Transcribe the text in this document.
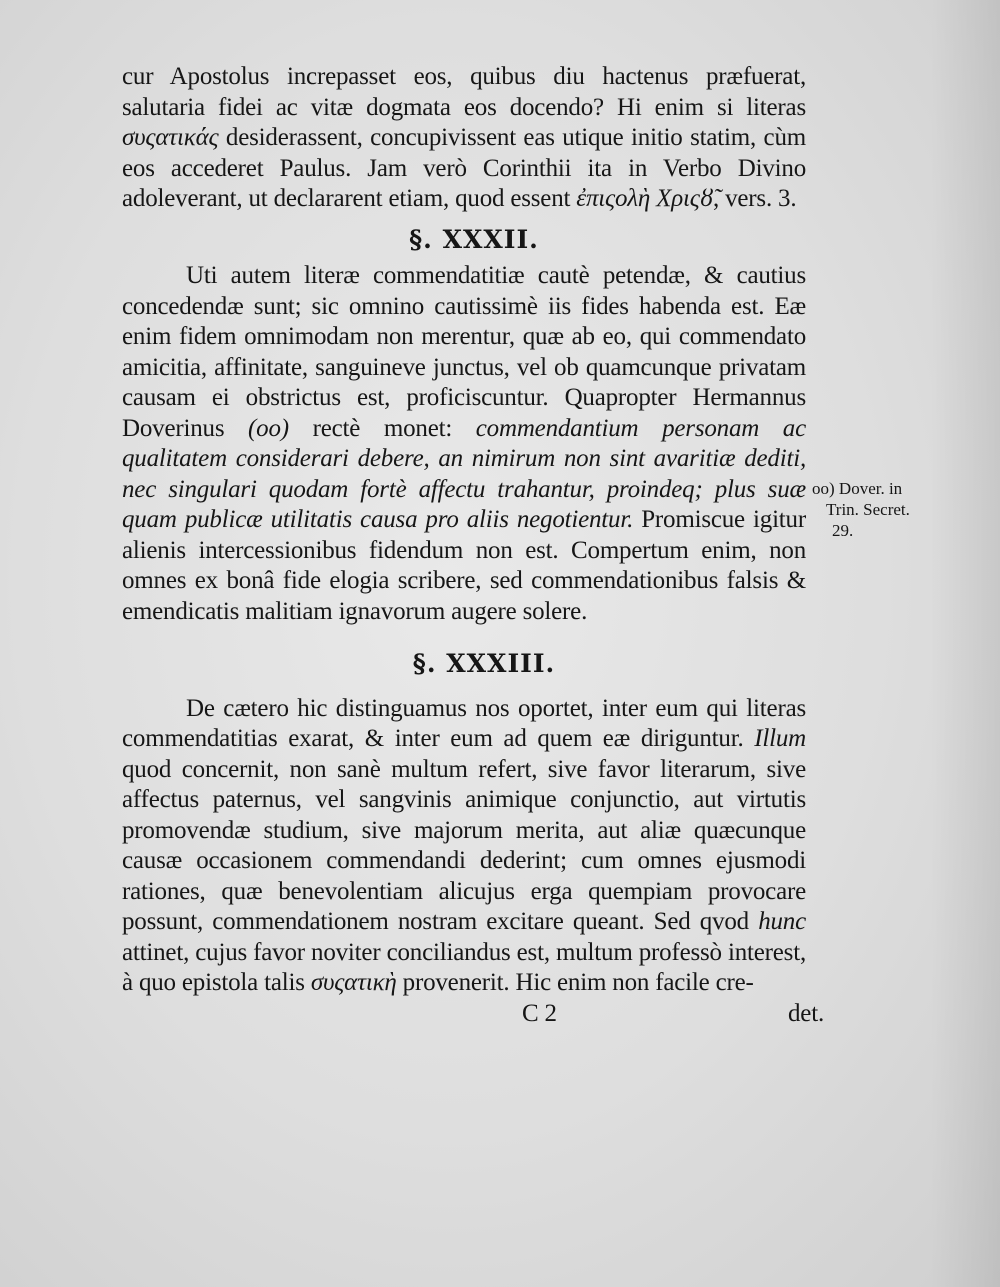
cur Apostolus increpasset eos, quibus diu hactenus præfuerat, salutaria fidei ac vitæ dogmata eos docendo? Hi enim si literas συςατικάς desiderassent, concupivissent eas utique initio statim, cùm eos accederet Paulus. Jam verò Corinthii ita in Verbo Divino adoleverant, ut declararent etiam, quod essent ἐπιςολὴ Χριςȣ̃, vers. 3.

§. XXXII.

Uti autem literæ commendatitiæ cautè petendæ, & cautius concedendæ sunt; sic omnino cautissimè iis fides habenda est. Eæ enim fidem omnimodam non merentur, quæ ab eo, qui commendato amicitia, affinitate, sanguineve junctus, vel ob quamcunque privatam causam ei obstrictus est, proficiscuntur. Quapropter Hermannus Doverinus (oo) rectè monet: commendantium personam ac qualitatem considerari debere, an nimirum non sint avaritiæ dediti, nec singulari quodam fortè affectu trahantur, proindeq; plus suæ quam publicæ utilitatis causa pro aliis negotientur. Promiscue igitur alienis intercessionibus fidendum non est. Compertum enim, non omnes ex bonâ fide elogia scribere, sed commendationibus falsis & emendicatis malitiam ignavorum augere solere.

§. XXXIII.

De cætero hic distinguamus nos oportet, inter eum qui literas commendatitias exarat, & inter eum ad quem eæ diriguntur. Illum quod concernit, non sanè multum refert, sive favor literarum, sive affectus paternus, vel sangvinis animique conjunctio, aut virtutis promovendæ studium, sive majorum merita, aut aliæ quæcunque causæ occasionem commendandi dederint; cum omnes ejusmodi rationes, quæ benevolentiam alicujus erga quempiam provocare possunt, commendationem nostram excitare queant. Sed qvod hunc attinet, cujus favor noviter conciliandus est, multum professò interest, à quo epistola talis συςατικὴ provenerit. Hic enim non facile cre-

C 2	det.
oo) Dover. in
Trin. Secret.
29.
